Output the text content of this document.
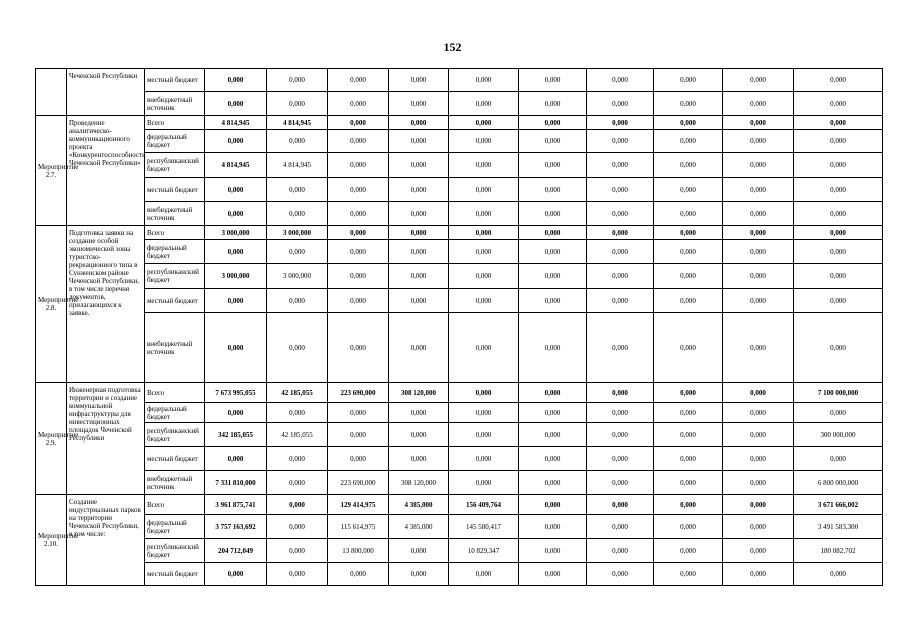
152
	Чеченской Республики	местный бюджет	0,000	0,000	0,000	0,000	0,000	0,000	0,000	0,000	0,000	0,000
		внебюджетный источник	0,000	0,000	0,000	0,000	0,000	0,000	0,000	0,000	0,000	0,000
Мероприятие 2.7.	Проведение аналитическо-коммуникационного проекта «Конкурентоспособность Чеченской Республики»	Всего	4 814,945	4 814,945	0,000	0,000	0,000	0,000	0,000	0,000	0,000	0,000
		федеральный бюджет	0,000	0,000	0,000	0,000	0,000	0,000	0,000	0,000	0,000	0,000
		республиканский бюджет	4 814,945	4 814,945	0,000	0,000	0,000	0,000	0,000	0,000	0,000	0,000
		местный бюджет	0,000	0,000	0,000	0,000	0,000	0,000	0,000	0,000	0,000	0,000
		внебюджетный источник	0,000	0,000	0,000	0,000	0,000	0,000	0,000	0,000	0,000	0,000
Мероприятие 2.8.	Подготовка заявки на создание особой экономической зоны туристско-рекреационного типа в Сунженском районе Чеченской Республики, в том числе перечня документов, прилагающихся к заявке.	Всего	3 000,000	3 000,000	0,000	0,000	0,000	0,000	0,000	0,000	0,000	0,000
		федеральный бюджет	0,000	0,000	0,000	0,000	0,000	0,000	0,000	0,000	0,000	0,000
		республиканский бюджет	3 000,000	3 000,000	0,000	0,000	0,000	0,000	0,000	0,000	0,000	0,000
		местный бюджет	0,000	0,000	0,000	0,000	0,000	0,000	0,000	0,000	0,000	0,000
		внебюджетный источник	0,000	0,000	0,000	0,000	0,000	0,000	0,000	0,000	0,000	0,000
Мероприятие 2.9.	Инженерная подготовка территории и создание коммунальной инфраструктуры для инвестиционных площадок Чеченской Республики	Всего	7 673 995,055	42 185,055	223 690,000	308 120,000	0,000	0,000	0,000	0,000	0,000	7 100 000,000
		федеральный бюджет	0,000	0,000	0,000	0,000	0,000	0,000	0,000	0,000	0,000	0,000
		республиканский бюджет	342 185,055	42 185,055	0,000	0,000	0,000	0,000	0,000	0,000	0,000	300 000,000
		местный бюджет	0,000	0,000	0,000	0,000	0,000	0,000	0,000	0,000	0,000	0,000
		внебюджетный источник	7 331 810,000	0,000	223 690,000	308 120,000	0,000	0,000	0,000	0,000	0,000	6 800 000,000
Мероприятие 2.10.	Создание индустриальных парков на территории Чеченской Республики, в том числе:	Всего	3 961 875,741	0,000	129 414,975	4 385,000	156 409,764	0,000	0,000	0,000	0,000	3 671 666,002
		федеральный бюджет	3 757 163,692	0,000	115 614,975	4 385,000	145 580,417	0,000	0,000	0,000	0,000	3 491 583,300
		республиканский бюджет	204 712,049	0,000	13 800,000	0,000	10 829,347	0,000	0,000	0,000	0,000	180 082,702
		местный бюджет	0,000	0,000	0,000	0,000	0,000	0,000	0,000	0,000	0,000	0,000
